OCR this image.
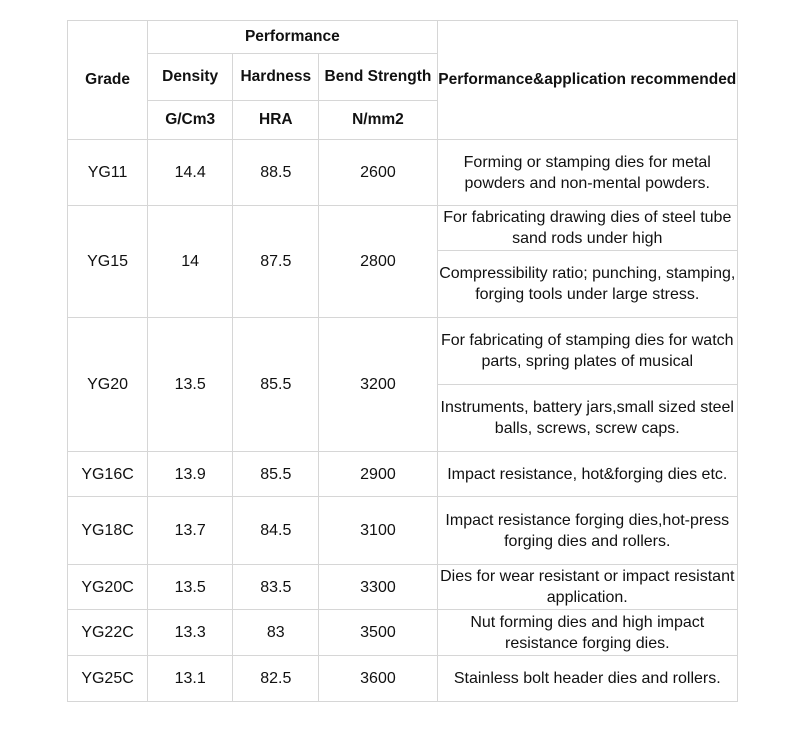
Grade	Performance			Performance&application recommended
	Density	Hardness	Bend Strength	
	G/Cm3	HRA	N/mm2	
YG11	14.4	88.5	2600	Forming or stamping dies for metal powders and non-mental powders.
YG15	14	87.5	2800	For fabricating drawing dies of steel tube sand rods under high
				Compressibility ratio; punching, stamping, forging tools under large stress.
YG20	13.5	85.5	3200	For fabricating of stamping dies for watch parts, spring plates of musical
				Instruments, battery jars,small sized steel balls, screws, screw caps.
YG16C	13.9	85.5	2900	Impact resistance, hot&forging dies etc.
YG18C	13.7	84.5	3100	Impact resistance forging dies,hot-press forging dies and rollers.
YG20C	13.5	83.5	3300	Dies for wear resistant or impact resistant application.
YG22C	13.3	83	3500	Nut forming dies and high impact resistance forging dies.
YG25C	13.1	82.5	3600	Stainless bolt header dies and rollers.
